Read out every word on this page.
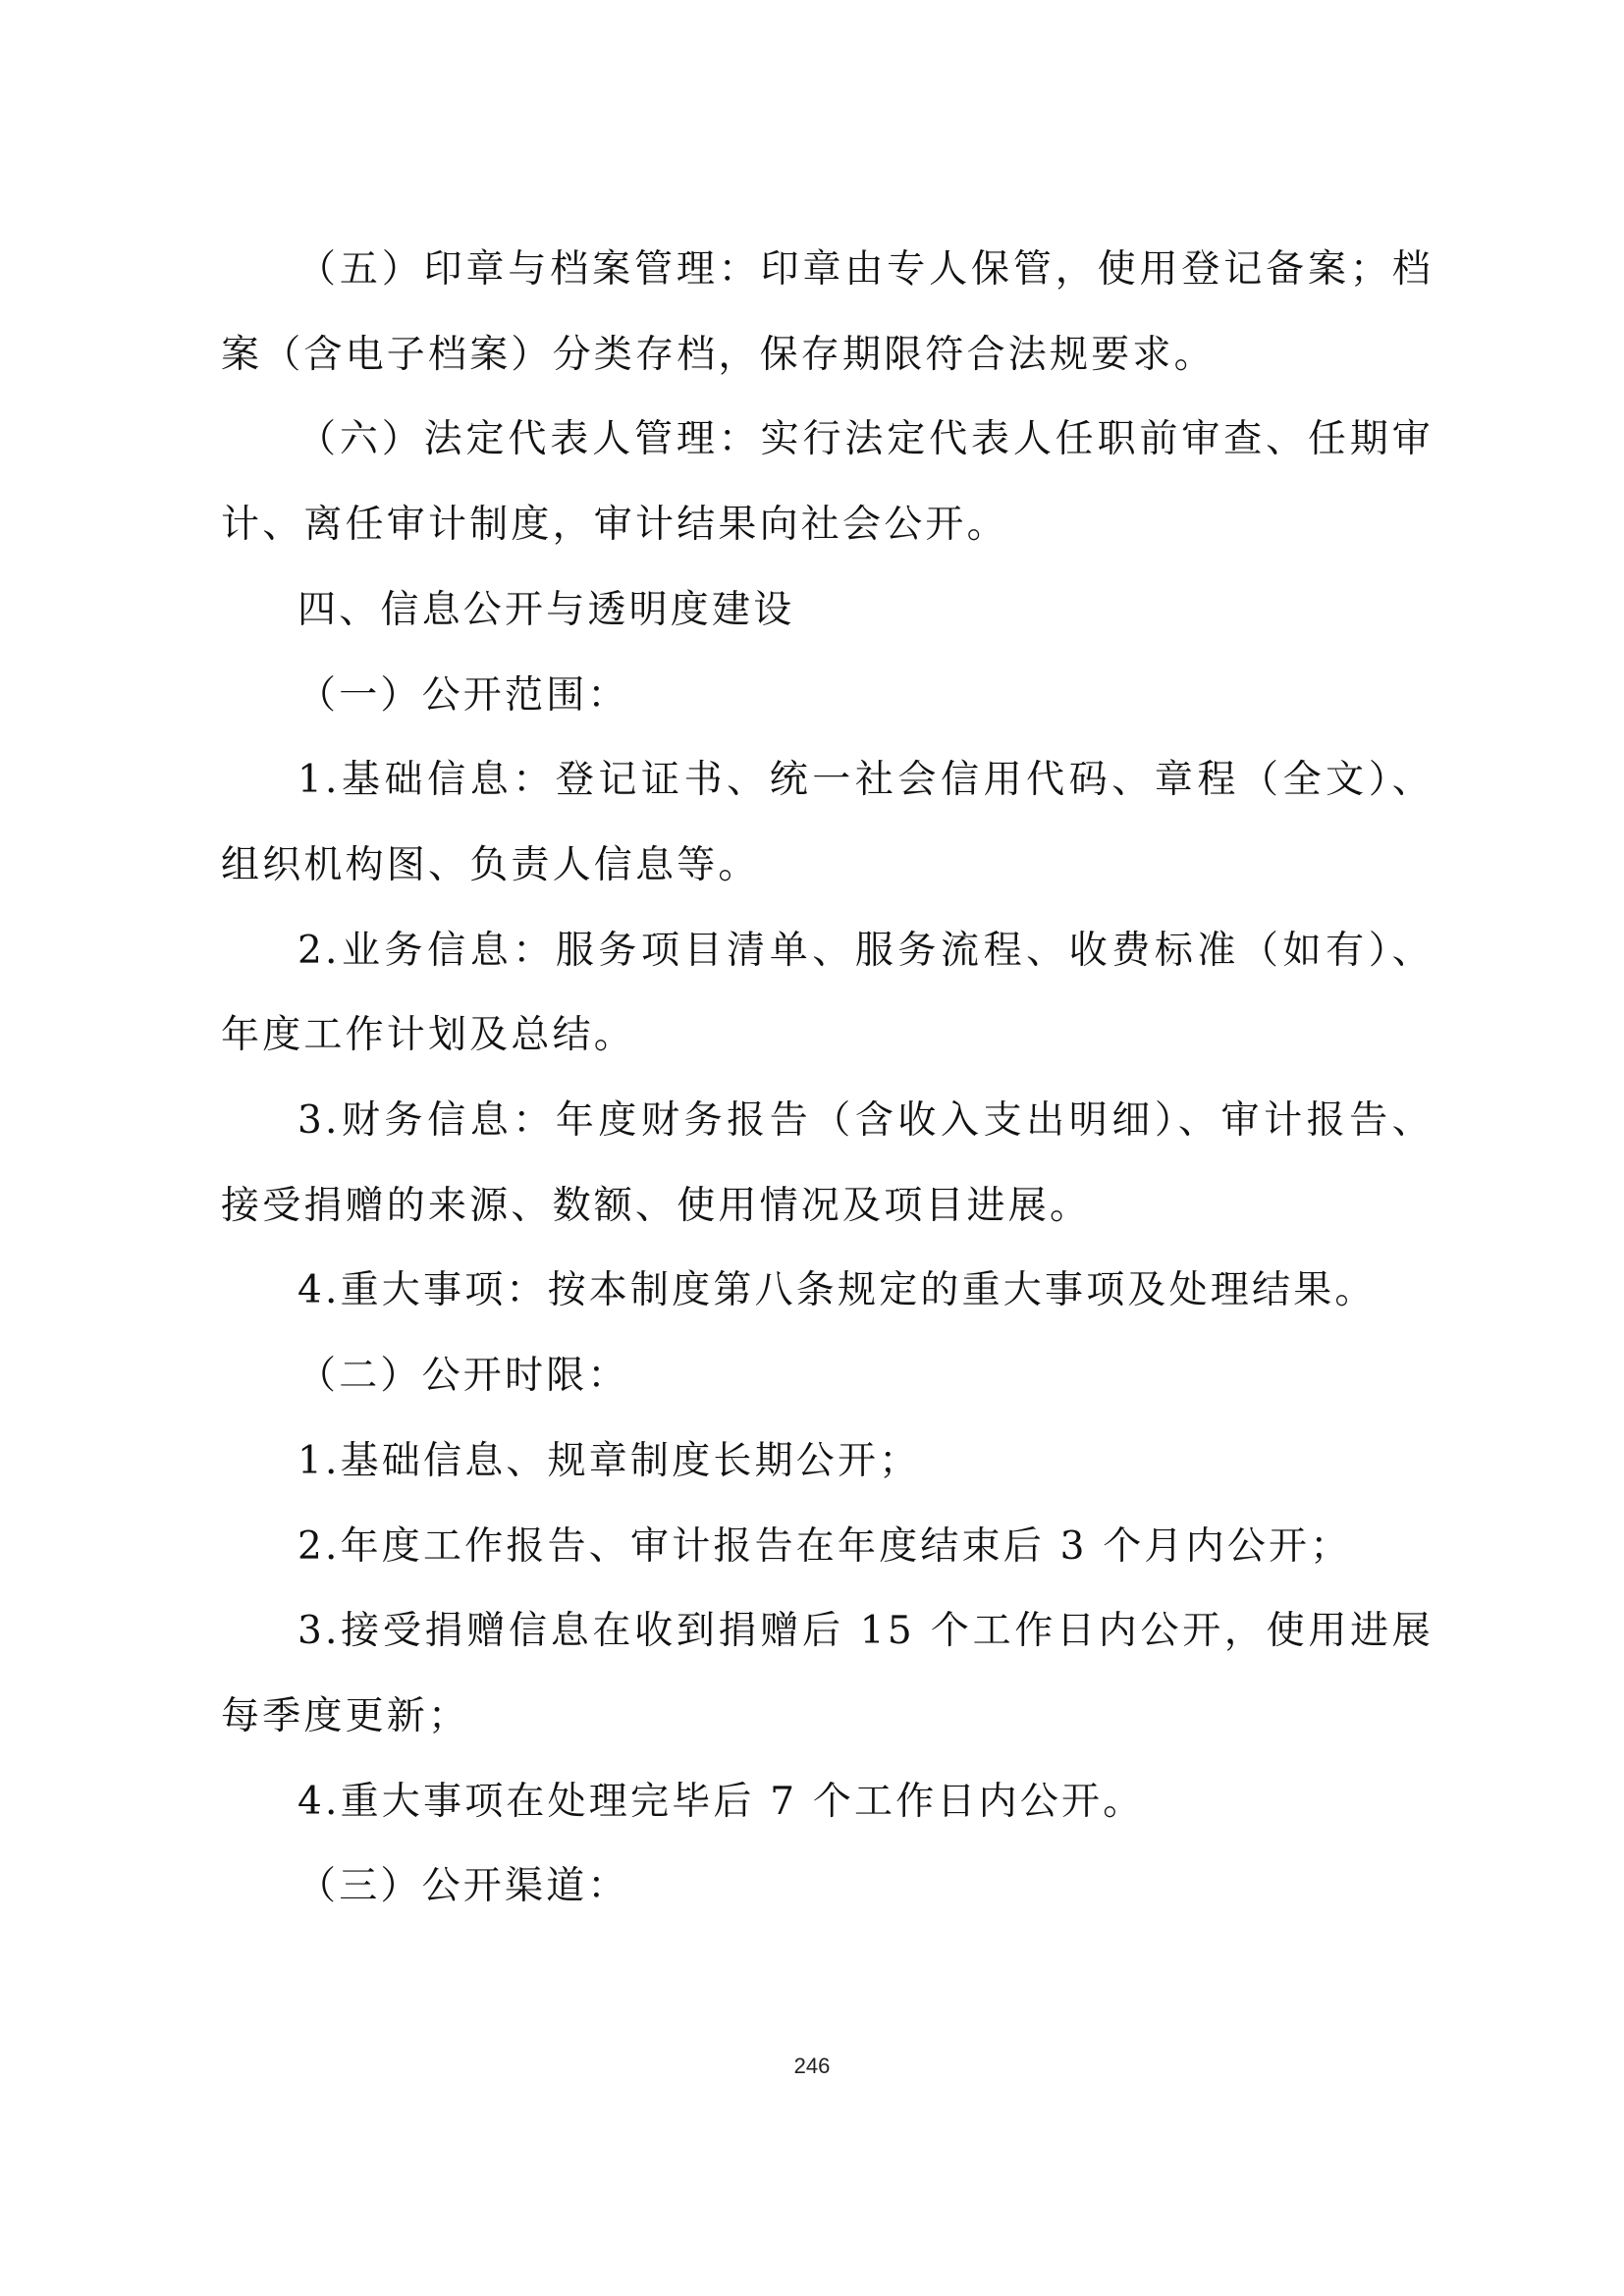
（五）印章与档案管理：印章由专人保管，使用登记备案；档案（含电子档案）分类存档，保存期限符合法规要求。

（六）法定代表人管理：实行法定代表人任职前审查、任期审计、离任审计制度，审计结果向社会公开。

四、信息公开与透明度建设

（一）公开范围：

1.基础信息：登记证书、统一社会信用代码、章程（全文）、组织机构图、负责人信息等。

2.业务信息：服务项目清单、服务流程、收费标准（如有）、年度工作计划及总结。

3.财务信息：年度财务报告（含收入支出明细）、审计报告、接受捐赠的来源、数额、使用情况及项目进展。

4.重大事项：按本制度第八条规定的重大事项及处理结果。

（二）公开时限：

1.基础信息、规章制度长期公开；

2.年度工作报告、审计报告在年度结束后 3 个月内公开；

3.接受捐赠信息在收到捐赠后 15 个工作日内公开，使用进展每季度更新；

4.重大事项在处理完毕后 7 个工作日内公开。

（三）公开渠道：

246
